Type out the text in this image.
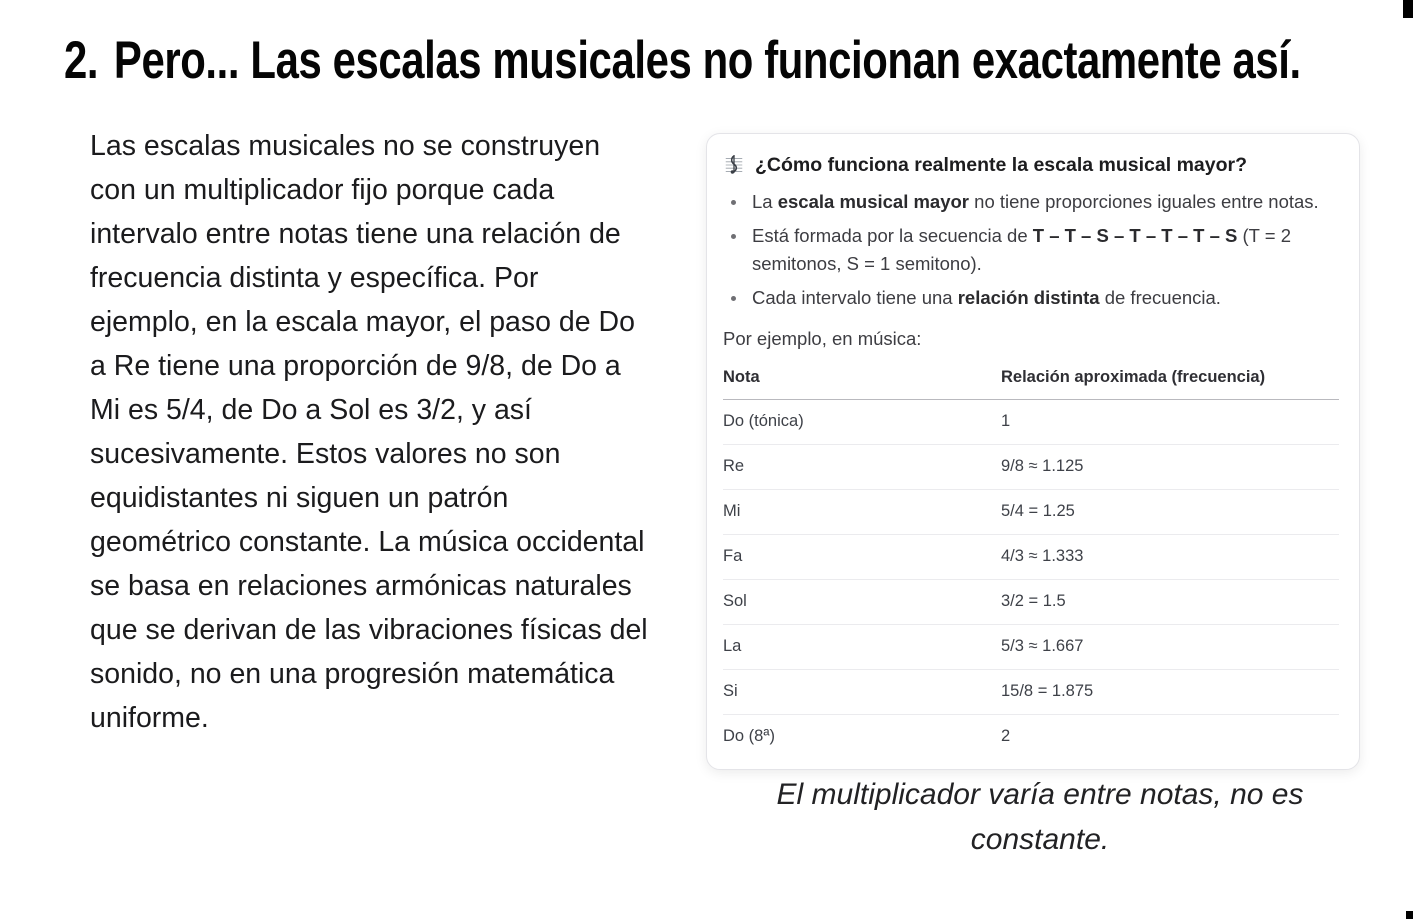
2. Pero... Las escalas musicales no funcionan exactamente así.

Las escalas musicales no se construyen con un multiplicador fijo porque cada intervalo entre notas tiene una relación de frecuencia distinta y específica. Por ejemplo, en la escala mayor, el paso de Do a Re tiene una proporción de 9/8, de Do a Mi es 5/4, de Do a Sol es 3/2, y así sucesivamente. Estos valores no son equidistantes ni siguen un patrón geométrico constante. La música occidental se basa en relaciones armónicas naturales que se derivan de las vibraciones físicas del sonido, no en una progresión matemática uniforme.

¿Cómo funciona realmente la escala musical mayor?
La escala musical mayor no tiene proporciones iguales entre notas.
Está formada por la secuencia de T – T – S – T – T – T – S (T = 2 semitonos, S = 1 semitono).
Cada intervalo tiene una relación distinta de frecuencia.
Por ejemplo, en música:
Nota	Relación aproximada (frecuencia)
Do (tónica)	1
Re	9/8 ≈ 1.125
Mi	5/4 = 1.25
Fa	4/3 ≈ 1.333
Sol	3/2 = 1.5
La	5/3 ≈ 1.667
Si	15/8 = 1.875
Do (8ª)	2
El multiplicador varía entre notas, no es constante.
